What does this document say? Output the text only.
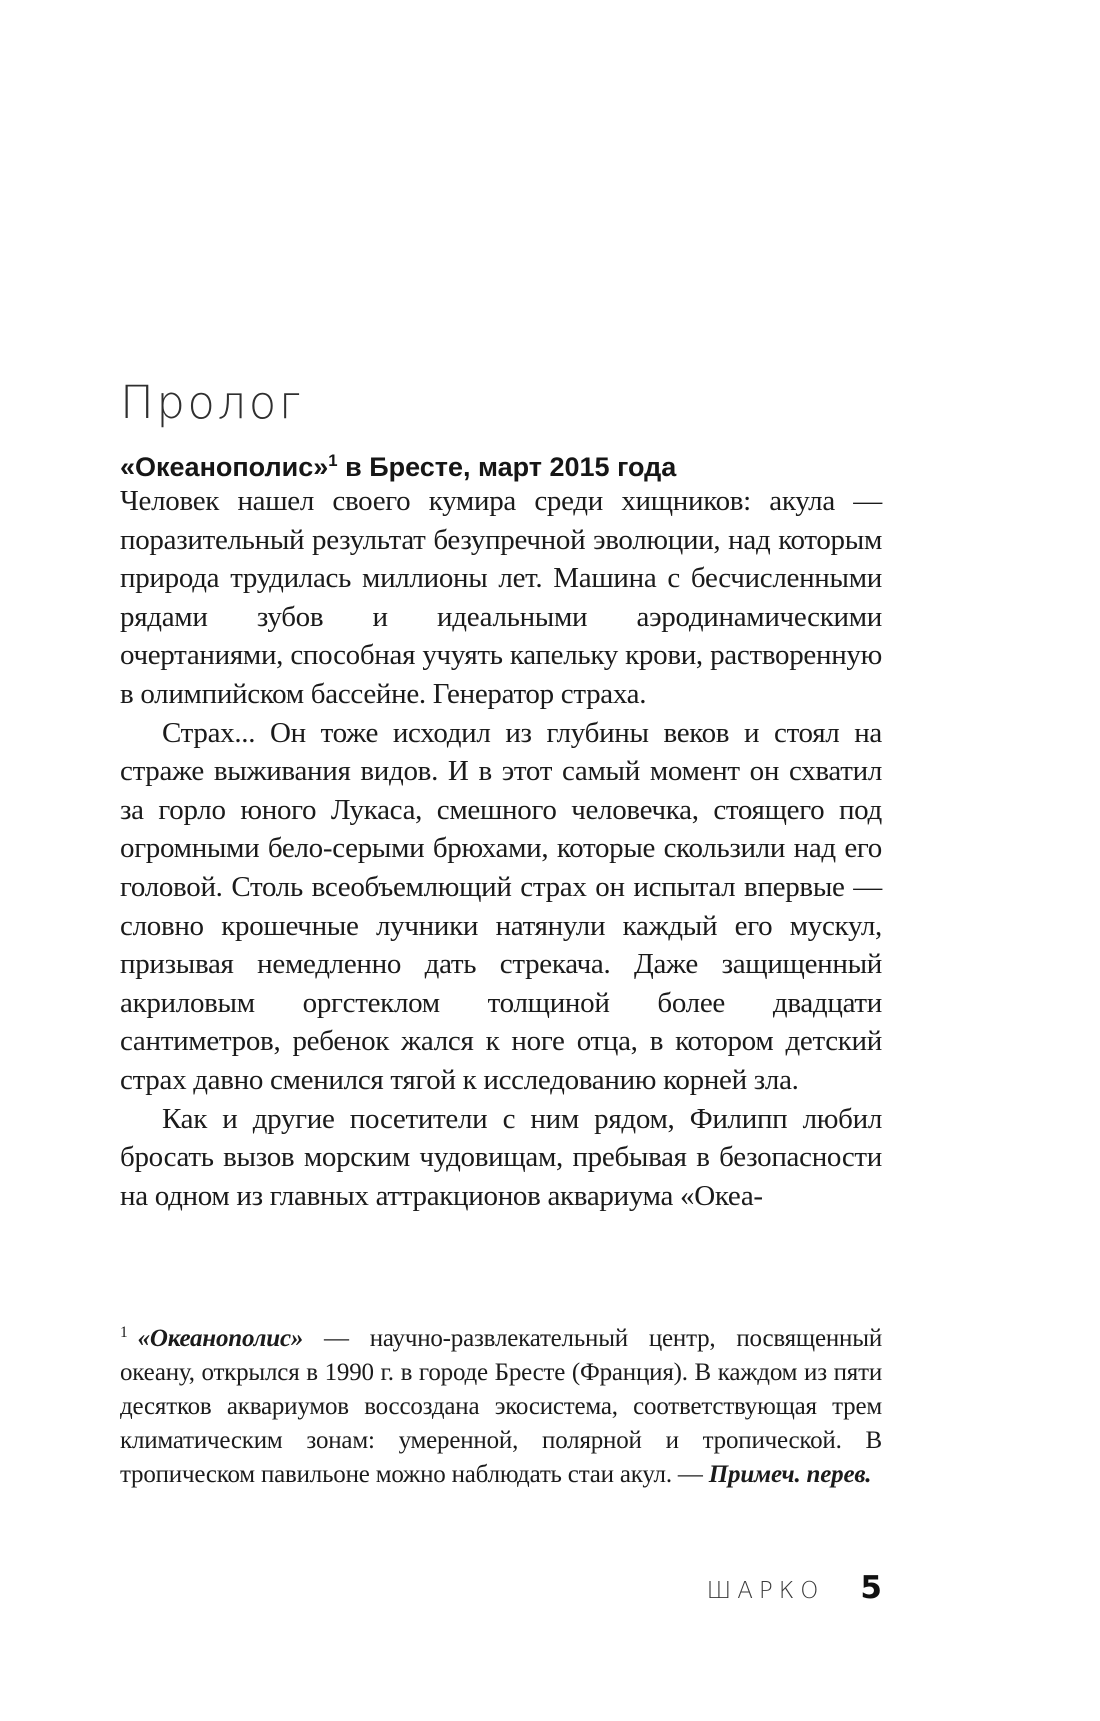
Пролог
«Океанополис»$^1$ в Бресте, март 2015 года

Человек нашел своего кумира среди хищников: акула — поразительный результат безупречной эволюции, над которым природа трудилась миллионы лет. Машина с бесчисленными рядами зубов и идеальными аэродинамическими очертаниями, способная учуять капельку крови, растворенную в олимпийском бассейне. Генератор страха.

Страх... Он тоже исходил из глубины веков и стоял на страже выживания видов. И в этот самый момент он схватил за горло юного Лукаса, смешного человечка, стоящего под огромными бело-серыми брюхами, которые скользили над его головой. Столь всеобъемлющий страх он испытал впервые — словно крошечные лучники натянули каждый его мускул, призывая немедленно дать стрекача. Даже защищенный акриловым оргстеклом толщиной более двадцати сантиметров, ребенок жался к ноге отца, в котором детский страх давно сменился тягой к исследованию корней зла.

Как и другие посетители с ним рядом, Филипп любил бросать вызов морским чудовищам, пребывая в безопасности на одном из главных аттракционов аквариума «Океа-

$^1$ «Океанополис» — научно-развлекательный центр, посвященный океану, открылся в 1990 г. в городе Бресте (Франция). В каждом из пяти десятков аквариумов воссоздана экосистема, соответствующая трем климатическим зонам: умеренной, полярной и тропической. В тропическом павильоне можно наблюдать стаи акул. — Примеч. перев.

ШАРКО 5
